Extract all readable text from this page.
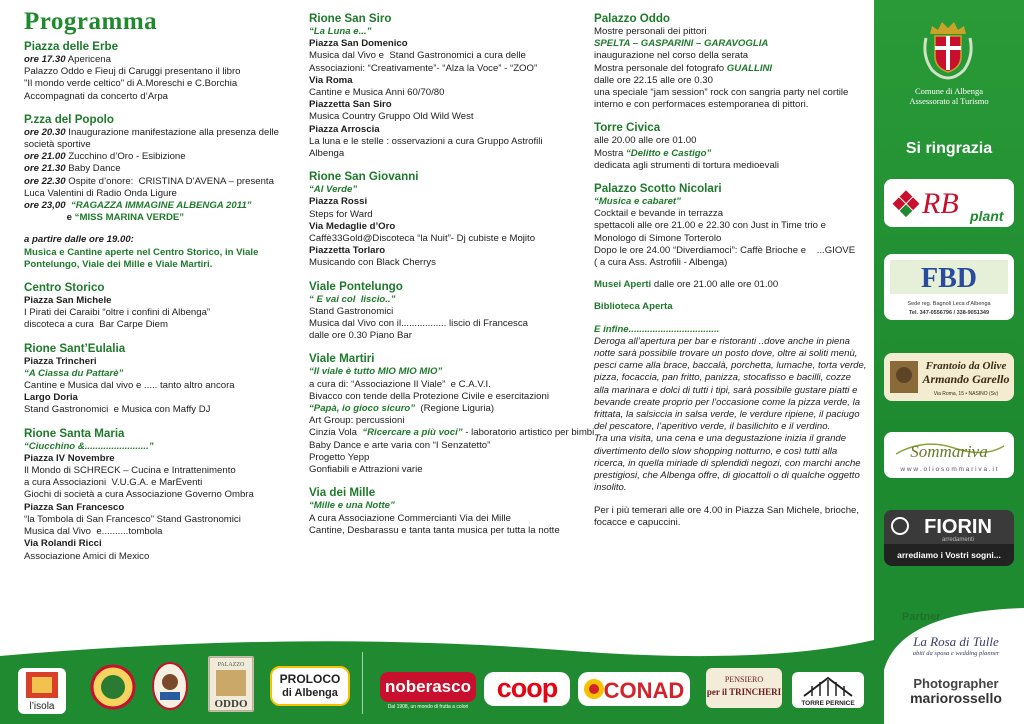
Programma
Piazza delle Erbe
ore 17.30 Apericena
Palazzo Oddo e Fieuj di Caruggi presentano il libro
"Il mondo verde celtico" di A.Moreschi e C.Borchia
Accompagnati da concerto d’Arpa
P.zza del Popolo
ore 20.30 Inaugurazione manifestazione alla presenza delle
società sportive
ore 21.00 Zucchino d’Oro - Esibizione
ore 21.30 Baby Dance
ore 22.30 Ospite d’onore:  CRISTINA D’AVENA – presenta
Luca Valentini di Radio Onda Ligure
ore 23,00  “RAGAZZA IMMAGINE ALBENGA 2011”
e “MISS MARINA VERDE”
a partire dalle ore 19.00:
Musica e Cantine aperte nel Centro Storico, in Viale
Pontelungo, Viale dei Mille e Viale Martiri.
Centro Storico
Piazza San Michele
I Pirati dei Caraibi “oltre i confini di Albenga”
discoteca a cura  Bar Carpe Diem
Rione Sant’Eulalia
Piazza Trincheri
“A Ciassa du Pattarè”
Cantine e Musica dal vivo e ..... tanto altro ancora
Largo Doria
Stand Gastronomici  e Musica con Maffy DJ
Rione Santa Maria
“Ciucchino &........................”
Piazza IV Novembre
Il Mondo di SCHRECK – Cucina e Intrattenimento
a cura Associazioni  V.U.G.A. e MarEventi
Giochi di società a cura Associazione Governo Ombra
Piazza San Francesco
“la Tombola di San Francesco” Stand Gastronomici
Musica dal Vivo  e..........tombola
Via Rolandi Ricci
Associazione Amici di Mexico
Rione San Siro
“La Luna e...”
Piazza San Domenico
Musica dal Vivo e  Stand Gastronomici a cura delle
Associazioni: “Creativamente”- “Alza la Voce” - “ZOO”
Via Roma
Cantine e Musica Anni 60/70/80
Piazzetta San Siro
Musica Country Gruppo Old Wild West
Piazza Arroscia
La luna e le stelle : osservazioni a cura Gruppo Astrofili
Albenga
Rione San Giovanni
“Al Verde”
Piazza Rossi
Steps for Ward
Via Medaglie d’Oro
Caffè33Gold@Discoteca “la Nuit”- Dj cubiste e Mojito
Piazzetta Torlaro
Musicando con Black Cherrys
Viale Pontelungo
“ E vai col  liscio..”
Stand Gastronomici
Musica dal Vivo con il................. liscio di Francesca
dalle ore 0.30 Piano Bar
Viale Martiri
“Il viale è tutto MIO MIO MIO”
a cura di: “Associazione Il Viale”  e C.A.V.I.
Bivacco con tende della Protezione Civile e esercitazioni
“Papà, io gioco sicuro”  (Regione Liguria)
Art Group: percussioni
Cinzia Vola  “Ricercare a più voci” - laboratorio artistico per bimbi
Baby Dance e arte varia con “I Senzatetto”
Progetto Yepp
Gonfiabili e Attrazioni varie
Via dei Mille
“Mille e una Notte”
A cura Associazione Commercianti Via dei Mille
Cantine, Desbarassu e tanta tanta musica per tutta la notte
Palazzo Oddo
Mostre personali dei pittori
SPELTA – GASPARINI – GARAVOGLIA
inaugurazione nel corso della serata
Mostra personale del fotografo GUALLINI
dalle ore 22.15 alle ore 0.30
una speciale “jam session” rock con sangria party nel cortile
interno e con performaces estemporanea di pittori.
Torre Civica
alle 20.00 alle ore 01.00
Mostra “Delitto e Castigo”
dedicata agli strumenti di tortura medioevali
Palazzo Scotto Nicolari
“Musica e cabaret”
Cocktail e bevande in terrazza
spettacoli alle ore 21.00 e 22.30 con Just in Time trio e
Monologo di Simone Torterolo
Dopo le ore 24.00 “Diverdiamoci”: Caffè Brioche e    ...GIOVE
( a cura Ass. Astrofili - Albenga)
Musei Aperti dalle ore 21.00 alle ore 01.00
Biblioteca Aperta
E infine..................................
Deroga all’apertura per bar e ristoranti ..dove anche in piena
notte sarà possibile trovare un posto dove, oltre ai soliti menù,
pesci carne alla brace, baccalà, porchetta, lumache, torta verde,
pizza, focaccia, pan fritto, panizza, stocafisso e bacilli, cozze
alla marinara e dolci di tutti i tipi, sarà possibile gustare piatti e
bevande create proprio per l’occasione come la pizza verde, la
frittata, la salsiccia in salsa verde, le verdure ripiene, il paciugo
del pescatore, l’aperitivo verde, il basilichito e il verdino.
Tra una visita, una cena e una degustazione inizia il grande
divertimento dello slow shopping notturno, e così tutti alla
ricerca, in quella miriade di splendidi negozi, con marchi anche
prestigiosi, che Albenga offre, di giocattoli o di qualche oggetto
insolito.
Per i più temerari alle ore 4.00 in Piazza San Michele, brioche,
focacce e capuccini.
Comune di Albenga
Assessorato al Turismo
Si ringrazia
RB plant
FBD
Sede reg. Bagnoli Leca d’Albenga
Tel. 347-0556796 / 338-9051349
Frantoio da Olive
Armando Garello
Via Roma, 15 • NASINO (Sv)
Sommariva
w w w . o l i o s o m m a r i v a . i t
FIORIN
arredamenti
arrediamo i Vostri sogni...
Partner
La Rosa di Tulle
abiti da sposa e wedding planner
Photographer
mariorossello
l’isola
PALAZZO
ODDO
PROLOCO
di Albenga	noberasco
Dal 1908, un mondo di frutta a colori
coop	CONAD	PENSIERO
per il TRINCHERI
TORRE PERNICE
